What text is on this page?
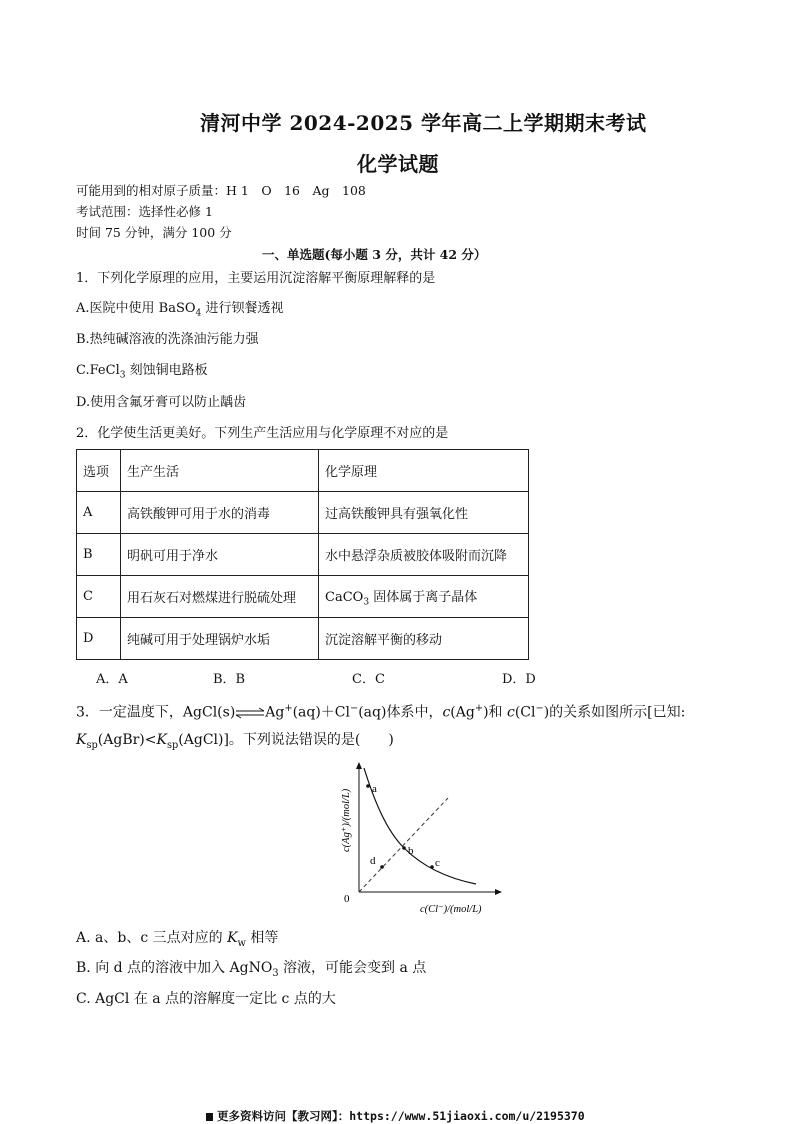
清河中学 2024-2025 学年高二上学期期末考试
化学试题
可能用到的相对原子质量：H 1　O　16　Ag　108
考试范围：选择性必修 1
时间 75 分钟，满分 100 分
一、单选题(每小题 3 分，共计 42 分）
1．下列化学原理的应用，主要运用沉淀溶解平衡原理解释的是
A.医院中使用 BaSO$_4$ 进行钡餐透视
B.热纯碱溶液的洗涤油污能力强
C.FeCl$_3$ 刻蚀铜电路板
D.使用含氟牙膏可以防止龋齿
2．化学使生活更美好。下列生产生活应用与化学原理不对应的是
选项	生产生活	化学原理
A	高铁酸钾可用于水的消毒	过高铁酸钾具有强氧化性
B	明矾可用于净水	水中悬浮杂质被胶体吸附而沉降
C	用石灰石对燃煤进行脱硫处理	CaCO$_3$ 固体属于离子晶体
D	纯碱可用于处理锅炉水垢	沉淀溶解平衡的移动
A．A	B．B	C．C	D．D
3．一定温度下，AgCl(s)⇌Ag+(aq)＋Cl−(aq)体系中，c(Ag+)和 c(Cl−)的关系如图所示[已知:
$K_{sp}(AgBr)<K_{sp}(AgCl)$]。下列说法错误的是(　　)
a
b
c
d
0
c(Cl⁻)/(mol/L)
c(Ag⁺)/(mol/L)
A. a、b、c 三点对应的 $K_w$ 相等
B. 向 d 点的溶液中加入 AgNO$_3$ 溶液，可能会变到 a 点
C. AgCl 在 a 点的溶解度一定比 c 点的大
更多资料访问【教习网】：https://www.51jiaoxi.com/u/2195370
